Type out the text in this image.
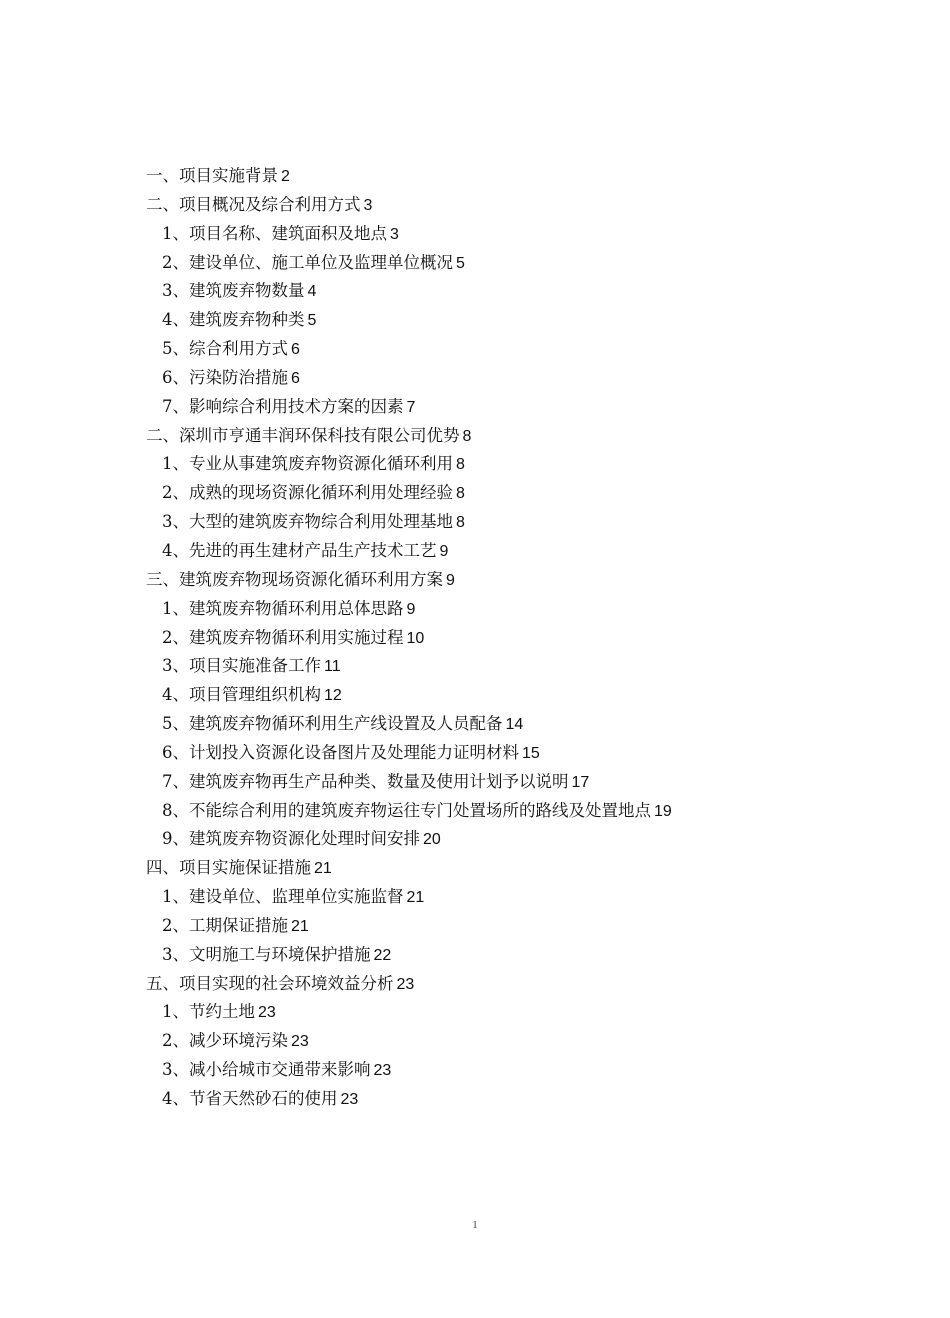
一、项目实施背景 2
二、项目概况及综合利用方式 3
1、项目名称、建筑面积及地点 3
2、建设单位、施工单位及监理单位概况 5
3、建筑废弃物数量 4
4、建筑废弃物种类 5
5、综合利用方式 6
6、污染防治措施 6
7、影响综合利用技术方案的因素 7
二、深圳市亨通丰润环保科技有限公司优势 8
1、专业从事建筑废弃物资源化循环利用 8
2、成熟的现场资源化循环利用处理经验 8
3、大型的建筑废弃物综合利用处理基地 8
4、先进的再生建材产品生产技术工艺 9
三、建筑废弃物现场资源化循环利用方案 9
1、建筑废弃物循环利用总体思路 9
2、建筑废弃物循环利用实施过程 10
3、项目实施准备工作 11
4、项目管理组织机构 12
5、建筑废弃物循环利用生产线设置及人员配备 14
6、计划投入资源化设备图片及处理能力证明材料 15
7、建筑废弃物再生产品种类、数量及使用计划予以说明 17
8、不能综合利用的建筑废弃物运往专门处置场所的路线及处置地点 19
9、建筑废弃物资源化处理时间安排 20
四、项目实施保证措施 21
1、建设单位、监理单位实施监督 21
2、工期保证措施 21
3、文明施工与环境保护措施 22
五、项目实现的社会环境效益分析 23
1、节约土地 23
2、减少环境污染 23
3、减小给城市交通带来影响 23
4、节省天然砂石的使用 23
1
